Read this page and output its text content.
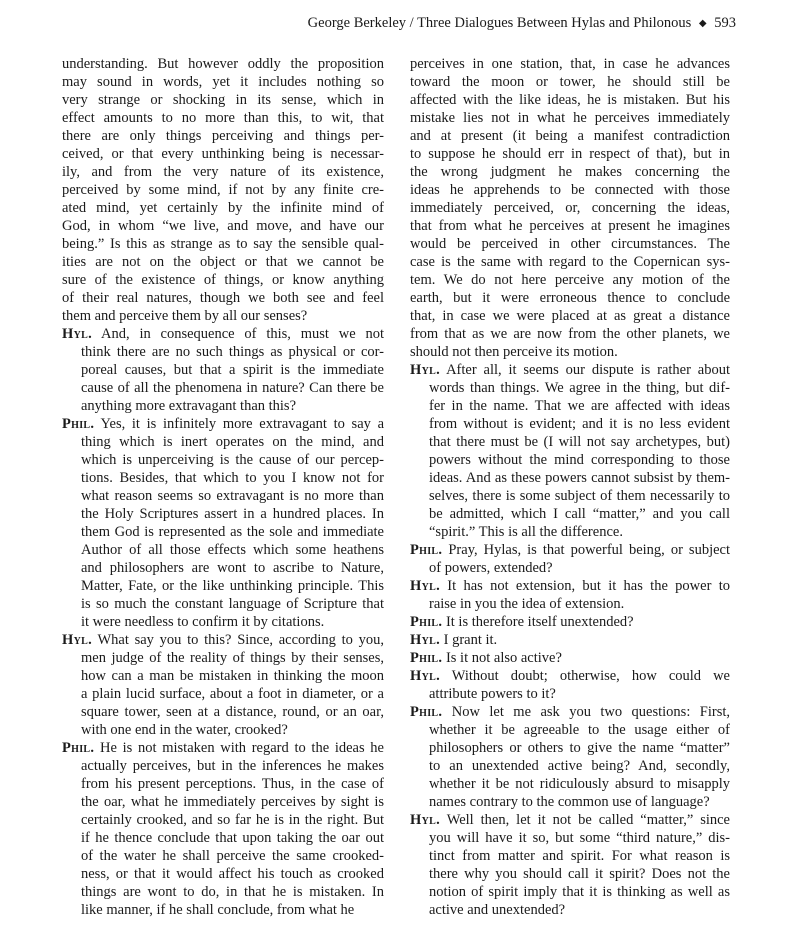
George Berkeley / Three Dialogues Between Hylas and Philonous ◆ 593
understanding. But however oddly the proposition
may sound in words, yet it includes nothing so
very strange or shocking in its sense, which in
effect amounts to no more than this, to wit, that
there are only things perceiving and things per-
ceived, or that every unthinking being is necessar-
ily, and from the very nature of its existence,
perceived by some mind, if not by any finite cre-
ated mind, yet certainly by the infinite mind of
God, in whom “we live, and move, and have our
being.” Is this as strange as to say the sensible qual-
ities are not on the object or that we cannot be
sure of the existence of things, or know anything
of their real natures, though we both see and feel
them and perceive them by all our senses?
Hyl. And, in consequence of this, must we not
think there are no such things as physical or cor-
poreal causes, but that a spirit is the immediate
cause of all the phenomena in nature? Can there be
anything more extravagant than this?
Phil. Yes, it is infinitely more extravagant to say a
thing which is inert operates on the mind, and
which is unperceiving is the cause of our percep-
tions. Besides, that which to you I know not for
what reason seems so extravagant is no more than
the Holy Scriptures assert in a hundred places. In
them God is represented as the sole and immediate
Author of all those effects which some heathens
and philosophers are wont to ascribe to Nature,
Matter, Fate, or the like unthinking principle. This
is so much the constant language of Scripture that
it were needless to confirm it by citations.
Hyl. What say you to this? Since, according to you,
men judge of the reality of things by their senses,
how can a man be mistaken in thinking the moon
a plain lucid surface, about a foot in diameter, or a
square tower, seen at a distance, round, or an oar,
with one end in the water, crooked?
Phil. He is not mistaken with regard to the ideas he
actually perceives, but in the inferences he makes
from his present perceptions. Thus, in the case of
the oar, what he immediately perceives by sight is
certainly crooked, and so far he is in the right. But
if he thence conclude that upon taking the oar out
of the water he shall perceive the same crooked-
ness, or that it would affect his touch as crooked
things are wont to do, in that he is mistaken. In
like manner, if he shall conclude, from what he
perceives in one station, that, in case he advances
toward the moon or tower, he should still be
affected with the like ideas, he is mistaken. But his
mistake lies not in what he perceives immediately
and at present (it being a manifest contradiction
to suppose he should err in respect of that), but in
the wrong judgment he makes concerning the
ideas he apprehends to be connected with those
immediately perceived, or, concerning the ideas,
that from what he perceives at present he imagines
would be perceived in other circumstances. The
case is the same with regard to the Copernican sys-
tem. We do not here perceive any motion of the
earth, but it were erroneous thence to conclude
that, in case we were placed at as great a distance
from that as we are now from the other planets, we
should not then perceive its motion.
Hyl. After all, it seems our dispute is rather about
words than things. We agree in the thing, but dif-
fer in the name. That we are affected with ideas
from without is evident; and it is no less evident
that there must be (I will not say archetypes, but)
powers without the mind corresponding to those
ideas. And as these powers cannot subsist by them-
selves, there is some subject of them necessarily to
be admitted, which I call “matter,” and you call
“spirit.” This is all the difference.
Phil. Pray, Hylas, is that powerful being, or subject
of powers, extended?
Hyl. It has not extension, but it has the power to
raise in you the idea of extension.
Phil. It is therefore itself unextended?
Hyl. I grant it.
Phil. Is it not also active?
Hyl. Without doubt; otherwise, how could we
attribute powers to it?
Phil. Now let me ask you two questions: First,
whether it be agreeable to the usage either of
philosophers or others to give the name “matter”
to an unextended active being? And, secondly,
whether it be not ridiculously absurd to misapply
names contrary to the common use of language?
Hyl. Well then, let it not be called “matter,” since
you will have it so, but some “third nature,” dis-
tinct from matter and spirit. For what reason is
there why you should call it spirit? Does not the
notion of spirit imply that it is thinking as well as
active and unextended?
